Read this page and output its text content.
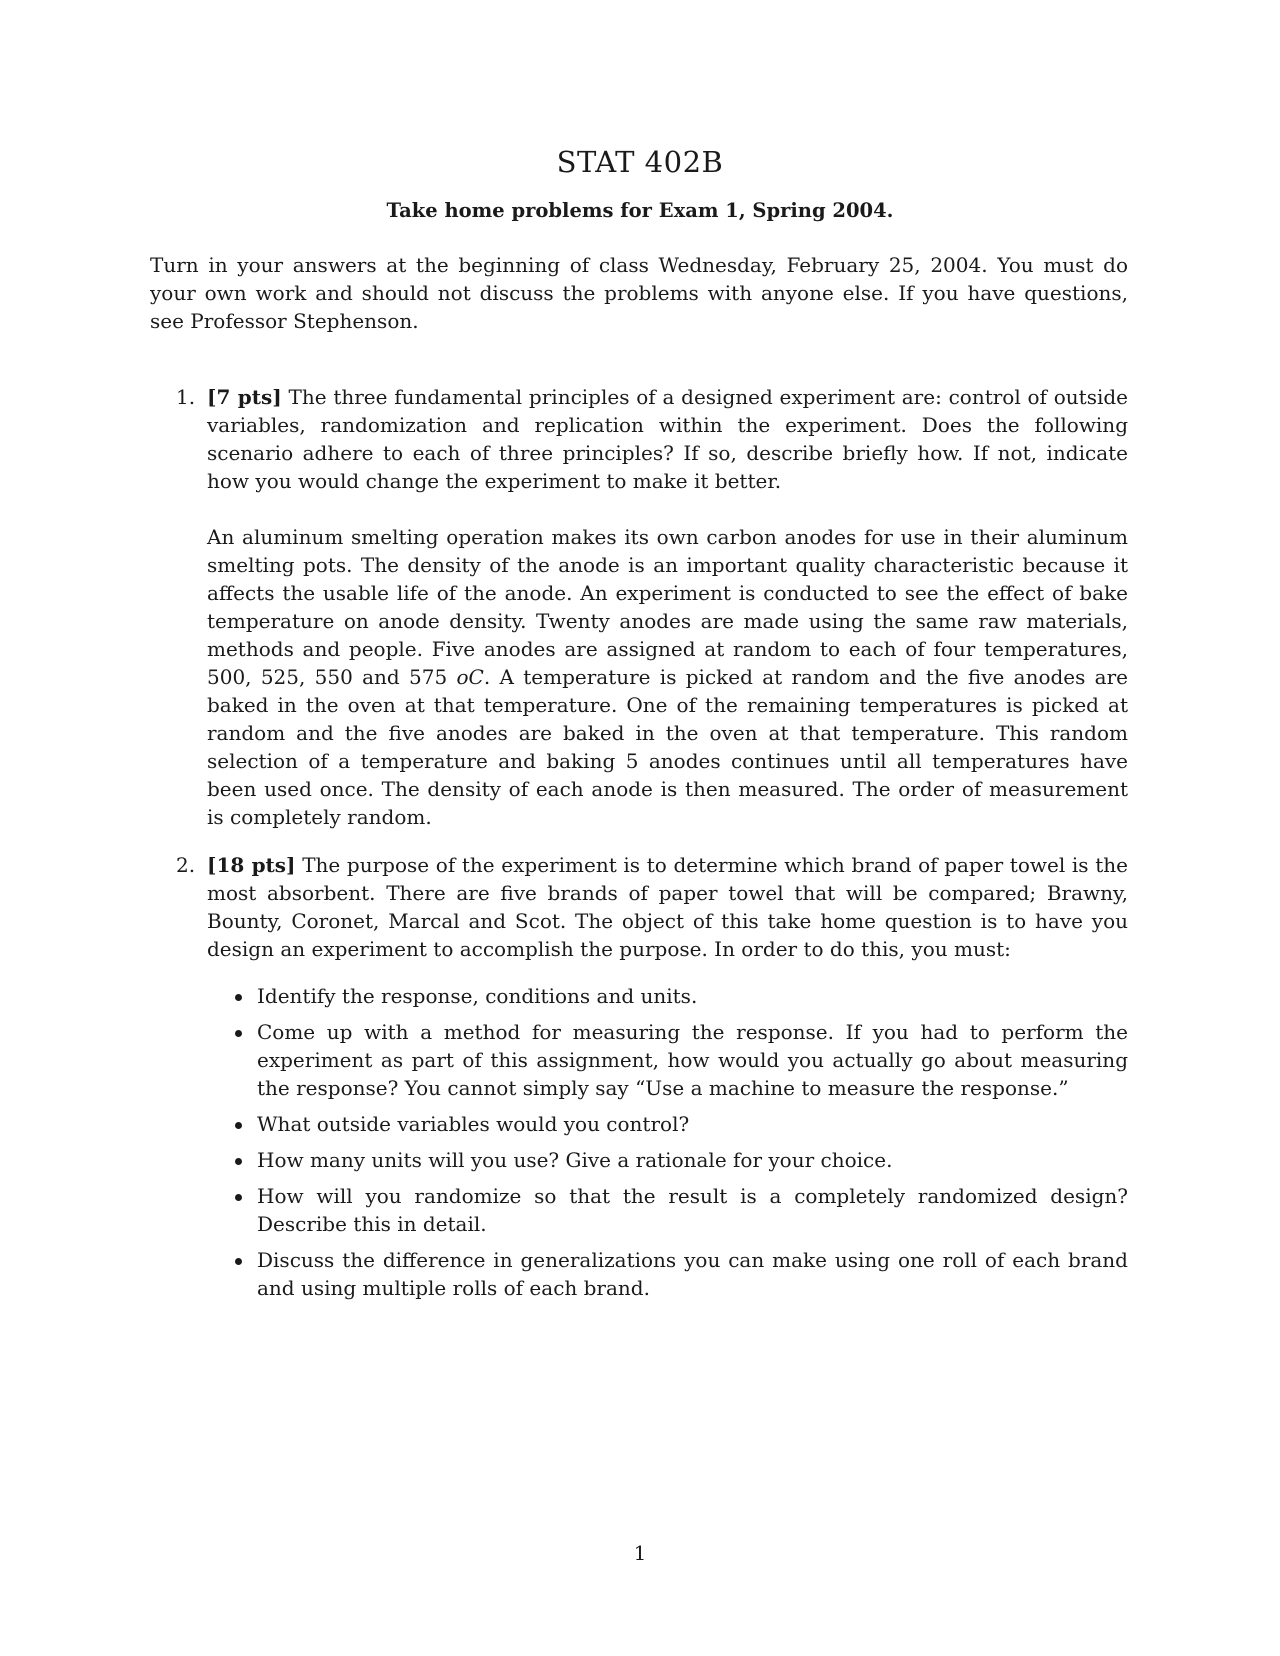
STAT 402B
Take home problems for Exam 1, Spring 2004.

Turn in your answers at the beginning of class Wednesday, February 25, 2004. You must do your own work and should not discuss the problems with anyone else. If you have questions, see Professor Stephenson.

1. [7 pts] The three fundamental principles of a designed experiment are: control of outside variables, randomization and replication within the experiment. Does the following scenario adhere to each of three principles? If so, describe briefly how. If not, indicate how you would change the experiment to make it better.
An aluminum smelting operation makes its own carbon anodes for use in their aluminum smelting pots. The density of the anode is an important quality characteristic because it affects the usable life of the anode. An experiment is conducted to see the effect of bake temperature on anode density. Twenty anodes are made using the same raw materials, methods and people. Five anodes are assigned at random to each of four temperatures, 500, 525, 550 and 575 oC. A temperature is picked at random and the five anodes are baked in the oven at that temperature. One of the remaining temperatures is picked at random and the five anodes are baked in the oven at that temperature. This random selection of a temperature and baking 5 anodes continues until all temperatures have been used once. The density of each anode is then measured. The order of measurement is completely random.
2. [18 pts] The purpose of the experiment is to determine which brand of paper towel is the most absorbent. There are five brands of paper towel that will be compared; Brawny, Bounty, Coronet, Marcal and Scot. The object of this take home question is to have you design an experiment to accomplish the purpose. In order to do this, you must:
Identify the response, conditions and units.
Come up with a method for measuring the response. If you had to perform the experiment as part of this assignment, how would you actually go about measuring the response? You cannot simply say “Use a machine to measure the response.”
What outside variables would you control?
How many units will you use? Give a rationale for your choice.
How will you randomize so that the result is a completely randomized design? Describe this in detail.
Discuss the difference in generalizations you can make using one roll of each brand and using multiple rolls of each brand.
1
